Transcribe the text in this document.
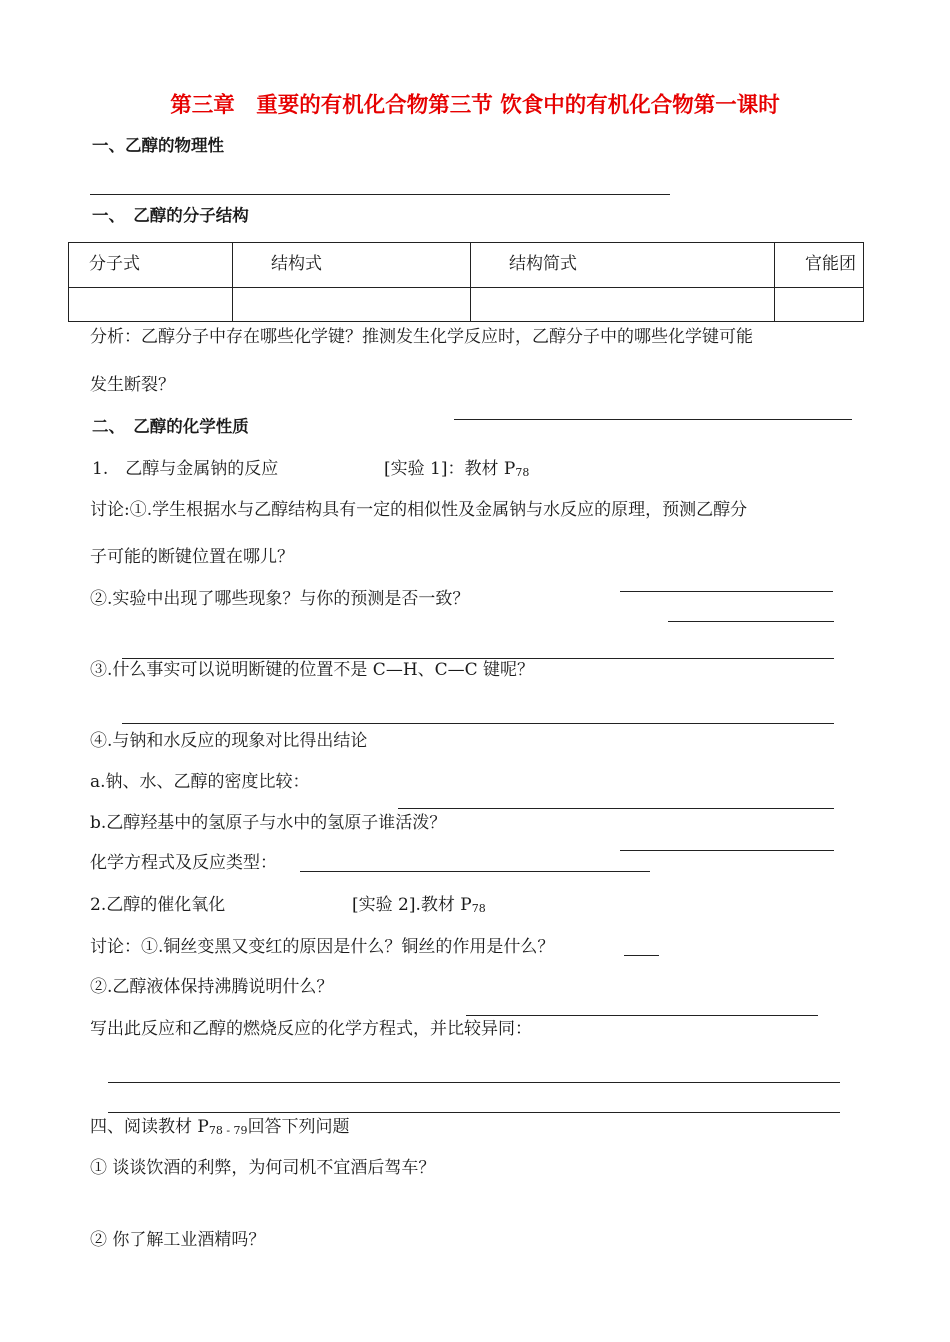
第三章　重要的有机化合物第三节 饮食中的有机化合物第一课时
一、乙醇的物理性
一、　乙醇的分子结构
分子式	结构式	结构简式	官能团

分析：乙醇分子中存在哪些化学键？推测发生化学反应时，乙醇分子中的哪些化学键可能
发生断裂？
二、　乙醇的化学性质
1.　乙醇与金属钠的反应	[实验 1]：教材 $P_{78}$
讨论:①.学生根据水与乙醇结构具有一定的相似性及金属钠与水反应的原理，预测乙醇分
子可能的断键位置在哪儿？
②.实验中出现了哪些现象？与你的预测是否一致？
③.什么事实可以说明断键的位置不是 C—H、C—C 键呢？
④.与钠和水反应的现象对比得出结论
a.钠、水、乙醇的密度比较：
b.乙醇羟基中的氢原子与水中的氢原子谁活泼？
化学方程式及反应类型：
2.乙醇的催化氧化	[实验 2].教材 $P_{78}$
讨论：①.铜丝变黑又变红的原因是什么？铜丝的作用是什么？
②.乙醇液体保持沸腾说明什么？
写出此反应和乙醇的燃烧反应的化学方程式，并比较异同：
四、阅读教材 $P_{78 - 79}$回答下列问题
① 谈谈饮酒的利弊，为何司机不宜酒后驾车？
② 你了解工业酒精吗？
